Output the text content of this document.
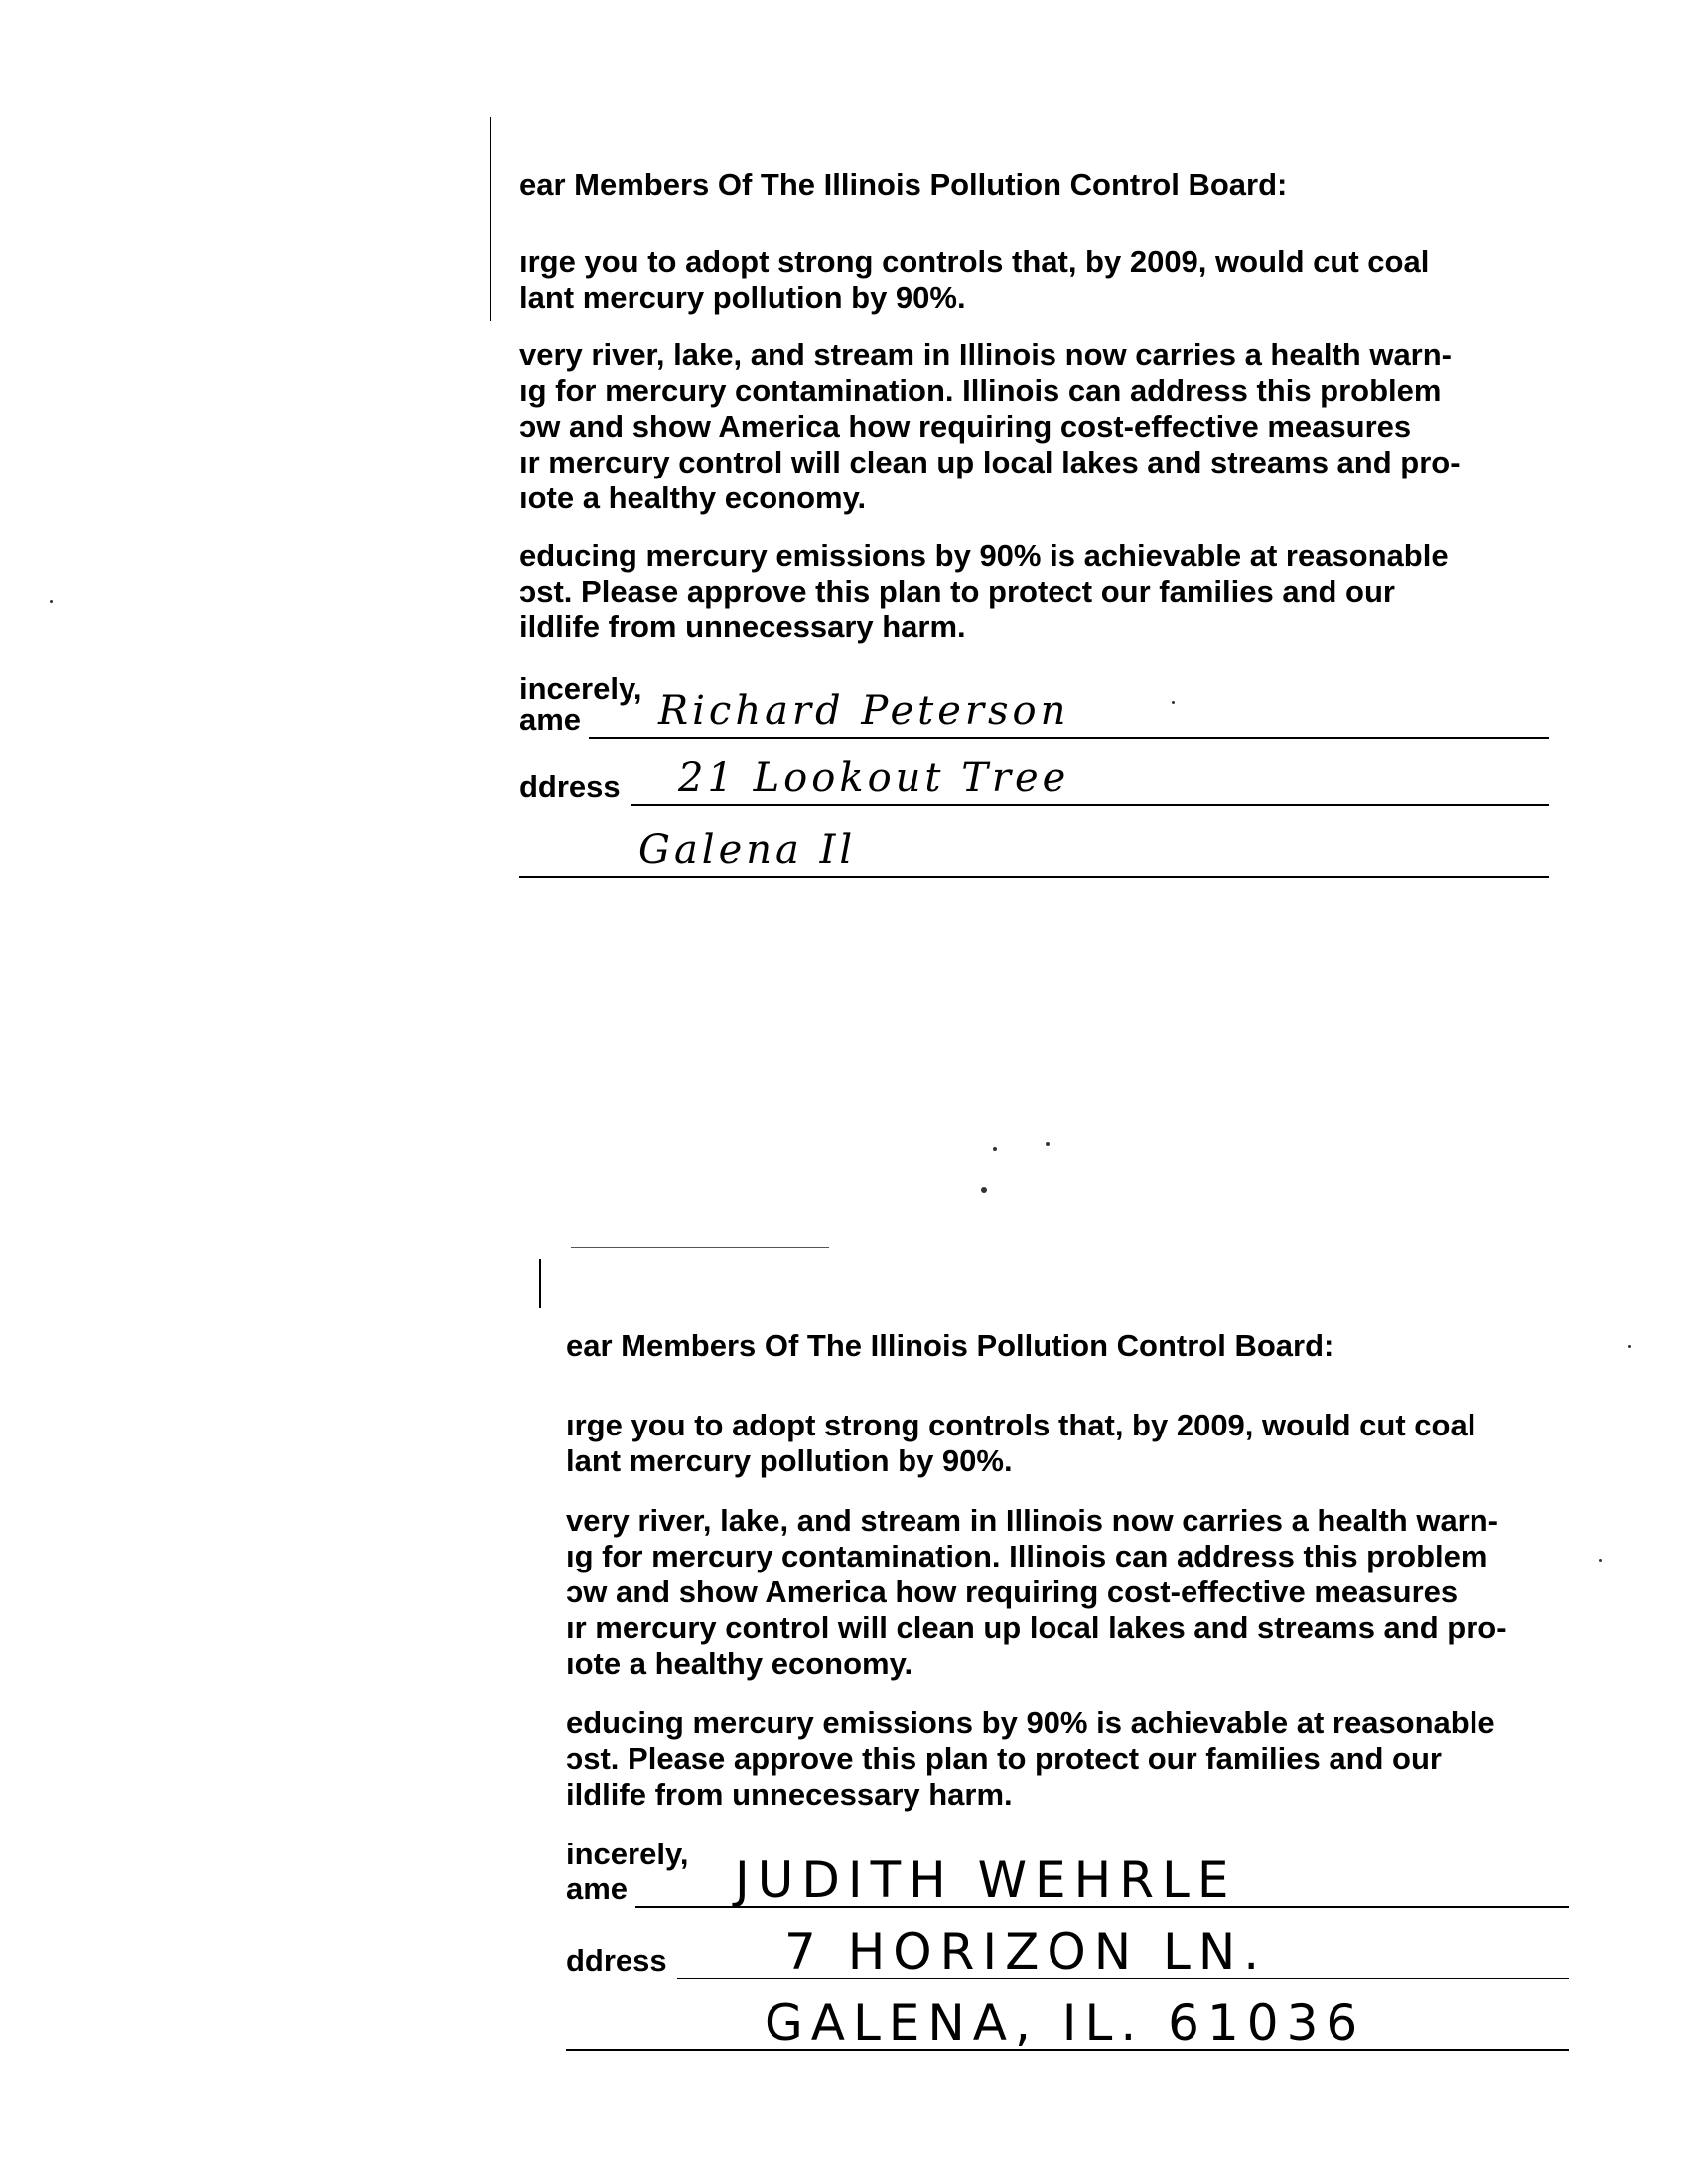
ear Members Of The Illinois Pollution Control Board:
ırge you to adopt strong controls that, by 2009, would cut coal
lant mercury pollution by 90%.
very river, lake, and stream in Illinois now carries a health warn-
ıg for mercury contamination. Illinois can address this problem
ɔw and show America how requiring cost-effective measures
ır mercury control will clean up local lakes and streams and pro-
ıote a healthy economy.
educing mercury emissions by 90% is achievable at reasonable
ɔst. Please approve this plan to protect our families and our
ildlife from unnecessary harm.
incerely,
ame Richard Peterson
ddress 21 Lookout Tree
Galena Il
ear Members Of The Illinois Pollution Control Board:
ırge you to adopt strong controls that, by 2009, would cut coal
lant mercury pollution by 90%.
very river, lake, and stream in Illinois now carries a health warn-
ıg for mercury contamination. Illinois can address this problem
ɔw and show America how requiring cost-effective measures
ır mercury control will clean up local lakes and streams and pro-
ıote a healthy economy.
educing mercury emissions by 90% is achievable at reasonable
ɔst. Please approve this plan to protect our families and our
ildlife from unnecessary harm.
incerely,
ame JUDITH WEHRLE
ddress 7 HORIZON LN.
GALENA, IL. 61036
